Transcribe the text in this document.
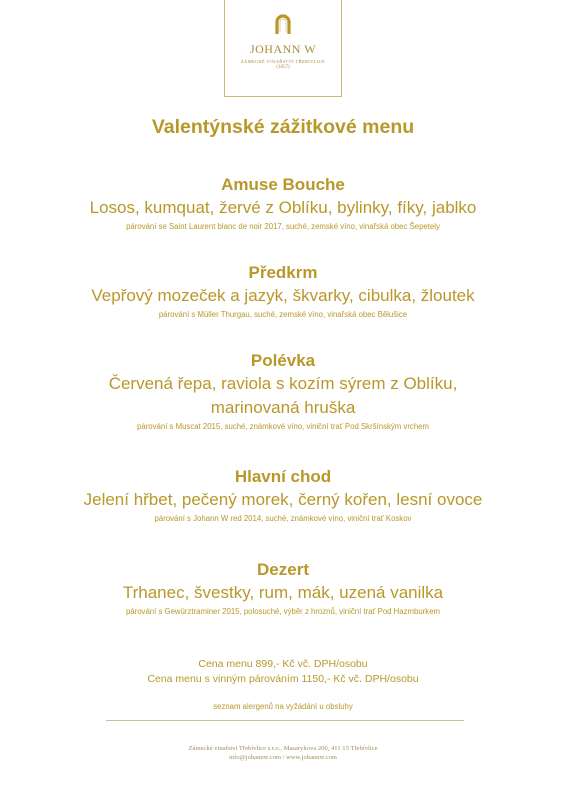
JOHANN W
ZÁMECKÉ VINAŘSTVÍ TŘEBIVLICE
(1857)
Valentýnské zážitkové menu
Amuse Bouche
Losos, kumquat, žervé z Oblíku, bylinky, fíky, jablko
párování se Saint Laurent blanc de noir 2017, suché, zemské víno, vinařská obec Šepetely
Předkrm
Vepřový mozeček a jazyk, škvarky, cibulka, žloutek
párování s Müller Thurgau, suché, zemské víno, vinařská obec Bělušice
Polévka
Červená řepa, raviola s kozím sýrem z Oblíku,
marinovaná hruška
párování s Muscat 2015, suché, známkové víno, viniční trať Pod Skršínským vrchem
Hlavní chod
Jelení hřbet, pečený morek, černý kořen, lesní ovoce
párování s Johann W red 2014, suché, známkové víno, viniční trať Koskov
Dezert
Trhanec, švestky, rum, mák, uzená vanilka
párování s Gewürztraminer 2015, polosuché, výběr z hroznů, viniční trať Pod Hazmburkem
Cena menu 899,- Kč vč. DPH/osobu
Cena menu s vinným párováním 1150,- Kč vč. DPH/osobu
seznam alergenů na vyžádání u obsluhy
Zámecké vinařství Třebívlice s.r.o., Masarykova 200, 411 15 Třebívlice
info@johannw.com / www.johannw.com
